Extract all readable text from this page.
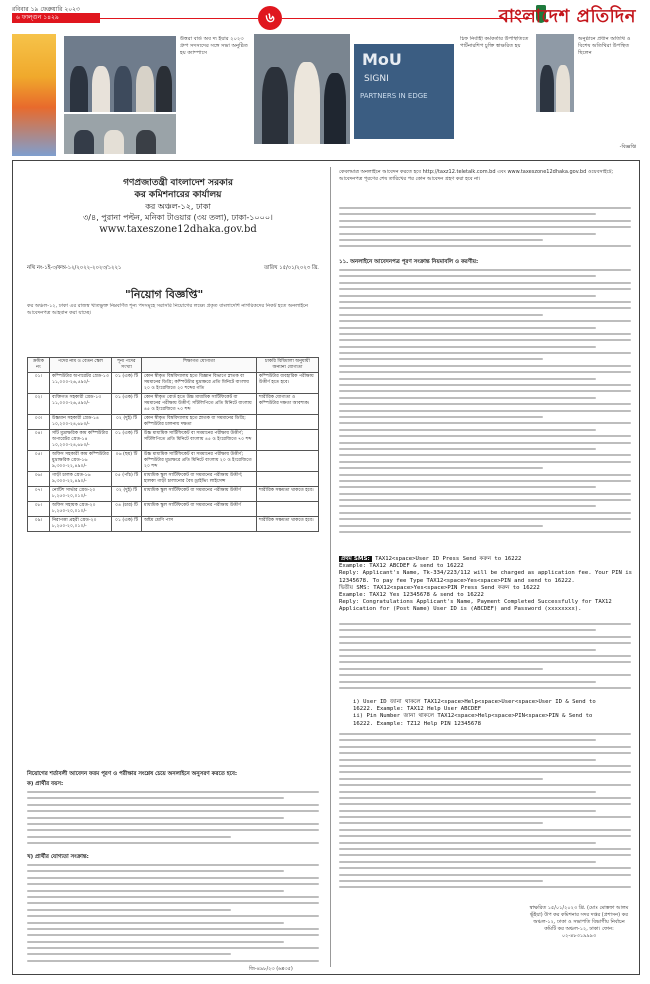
রবিবার ১৯ ফেব্রুয়ারি ২০২৩
৬ ফাল্গুন ১৪২৯	৬	বাংলাদেশ প্রতিদিন
উত্তরা বার্ড অব দ্য ইয়ার ২০২৩ গ্রুপ সদস্যদের সঙ্গে সভা অনুষ্ঠিত হয় ক্যাম্পাসে	MoU
SIGNI
PARTNERS IN EDGE
চিফ নির্বাহী কর্মকর্তার উপস্থিতিতে পার্টনারশিপ চুক্তি স্বাক্ষরিত হয়
অনুষ্ঠানে প্রধান অতিথি ও বিশেষ অতিথিরা উপস্থিত ছিলেন
-বিজ্ঞপ্তি
গণপ্রজাতন্ত্রী বাংলাদেশ সরকার
কর কমিশনারের কার্যালয়
কর অঞ্চল-১২, ঢাকা
৩/৪, পুরানা পল্টন, মনিকা টাওয়ার (৩য় তলা), ঢাকা-১০০০।
www.taxeszone12dhaka.gov.bd
নথি নং-১ই-৩/কঅ-১২/২০২২-২০২৩/১২২১	তারিখ ১৫/০১/২০২৩ খ্রি.
"নিয়োগ বিজ্ঞপ্তি"
কর অঞ্চল-১২, ঢাকা এর রাজস্ব খাতভুক্ত নিম্নবর্ণিত শূন্য পদসমূহে সরাসরি নিয়োগের লক্ষ্যে প্রকৃত বাংলাদেশি নাগরিকদের নিকট হতে অনলাইনে আবেদনপত্র আহবান করা যাচ্ছে।
ক্রমিক নং	পদের নাম ও বেতন স্কেল	শূন্য পদের সংখ্যা	শিক্ষাগত যোগ্যতা	চাকরি বিধিমালা অনুযায়ী অন্যান্য যোগ্যতা
০১।	কম্পিউটার অপারেটর গ্রেড-১৩ ১১,০০০-২৬,৫৯০/-	০১ (এক) টি	কোন স্বীকৃত বিশ্ববিদ্যালয় হতে বিজ্ঞান বিভাগে স্নাতক বা সমমানের ডিগ্রি; কম্পিউটার মুদ্রাক্ষরে প্রতি মিনিটে বাংলায় ২০ ও ইংরেজিতে ২০ শব্দের গতি	কম্পিউটার ব্যবহারিক পরীক্ষায় উত্তীর্ণ হতে হবে।
০২।	ব্যক্তিগত সহকারী গ্রেড-১৩ ১১,০০০-২৬,৫৯০/-	০১ (এক) টি	কোন স্বীকৃত বোর্ড হতে উচ্চ মাধ্যমিক সার্টিফিকেট বা সমমানের পরীক্ষায় উত্তীর্ণ; সাঁটলিপিতে প্রতি মিনিটে বাংলায় ৪৫ ও ইংরেজিতে ৭০ শব্দ	শারীরিক যোগ্যতা ও কম্পিউটার দক্ষতা আবশ্যক।
০৩।	উচ্চমান সহকারী গ্রেড-১৪ ১০,২০০-২৪,৬৮০/-	০২ (দুই) টি	কোন স্বীকৃত বিশ্ববিদ্যালয় হতে স্নাতক বা সমমানের ডিগ্রি; কম্পিউটার চালনায় দক্ষতা	
০৪।	সাঁট মুদ্রাক্ষরিক কাম কম্পিউটার অপারেটর গ্রেড-১৪ ১০,২০০-২৪,৬৮০/-	০১ (এক) টি	উচ্চ মাধ্যমিক সার্টিফিকেট বা সমমানের পরীক্ষায় উত্তীর্ণ; সাঁটলিপিতে প্রতি মিনিটে বাংলায় ৪৫ ও ইংরেজিতে ৭০ শব্দ	
০৫।	অফিস সহকারী কাম কম্পিউটার মুদ্রাক্ষরিক গ্রেড-১৬ ৯,৩০০-২২,৪৯০/-	০৬ (ছয়) টি	উচ্চ মাধ্যমিক সার্টিফিকেট বা সমমানের পরীক্ষায় উত্তীর্ণ; কম্পিউটার মুদ্রাক্ষরে প্রতি মিনিটে বাংলায় ২০ ও ইংরেজিতে ২০ শব্দ	
০৬।	গাড়ী চালক গ্রেড-১৬ ৯,৩০০-২২,৪৯০/-	০৫ (পাঁচ) টি	মাধ্যমিক স্কুল সার্টিফিকেট বা সমমানের পরীক্ষায় উত্তীর্ণ; হালকা গাড়ী চালানোর বৈধ ড্রাইভিং লাইসেন্স	
০৭।	নোটিশ সার্ভার গ্রেড-২০ ৮,২৫০-২০,০১০/-	০২ (দুই) টি	মাধ্যমিক স্কুল সার্টিফিকেট বা সমমানের পরীক্ষায় উত্তীর্ণ	শারীরিক সক্ষমতা থাকতে হবে।
০৮।	অফিস সহায়ক গ্রেড-২০ ৮,২৫০-২০,০১০/-	০৪ (চার) টি	মাধ্যমিক স্কুল সার্টিফিকেট বা সমমানের পরীক্ষায় উত্তীর্ণ	
০৯।	নিরাপত্তা প্রহরী গ্রেড-২০ ৮,২৫০-২০,০১০/-	০১ (এক) টি	অষ্টম শ্রেণি পাস	শারীরিক সক্ষমতা থাকতে হবে।
নিয়োগের শর্তাবলী আবেদন ফরম পূরণ ও পরীক্ষার সংশ্লেষ চেয়ে অনলাইনে অনুসরণ করতে হবে:
ক) প্রার্থীর বয়স:
খ) প্রার্থীর যোগ্যতা সংক্রান্ত:
কেবলমাত্র অনলাইনে আবেদন করতে হবে http://taxz12.teletalk.com.bd এবং www.taxeszone12dhaka.gov.bd ওয়েবসাইটে; আবেদনপত্র পূরণের শেষ তারিখের পর কোন আবেদন গ্রহণ করা হবে না।
১১. অনলাইনে আবেদনপত্র পূরণ সংক্রান্ত নিয়মাবলি ও করণীয়:
প্রথম SMS: TAX12<space>User ID Press Send করুন to 16222
Example: TAX12 ABCDEF & send to 16222
Reply: Applicant's Name, Tk-334/223/112 will be charged as application fee. Your PIN is
12345678. To pay fee Type TAX12<space>Yes<space>PIN and send to 16222.
দ্বিতীয় SMS: TAX12<space>Yes<space>PIN Press Send করুন to 16222
Example: TAX12 Yes 12345678 & send to 16222
Reply: Congratulations Applicant's Name, Payment Completed Successfully for TAX12
Application for (Post Name) User ID is (ABCDEF) and Password (xxxxxxxx).
i) User ID জানা থাকলে TAX12<space>Help<space>User<space>User ID & Send to
16222. Example: TAX12 Help User ABCDEF
ii) Pin Number জানা থাকলে TAX12<space>Help<space>PIN<space>PIN & Send to
16222. Example: TZ12 Help PIN 12345678
স্বাক্ষরিত ১৫/০১/২০২৩ খ্রি. (মোঃ মোস্তফা আলম ভূঁইয়া) উপ কর কমিশনার সদর দপ্তর (প্রশাসন) কর অঞ্চল-১২, ঢাকা ও সভাপতি বিভাগীয় নির্বাচন কমিটি কর অঞ্চল-১২, ঢাকা। ফোন: ০২-৪৮৩১৯৯৯৩
জি-৪৯৮/২৩ (৬x৩৫)
